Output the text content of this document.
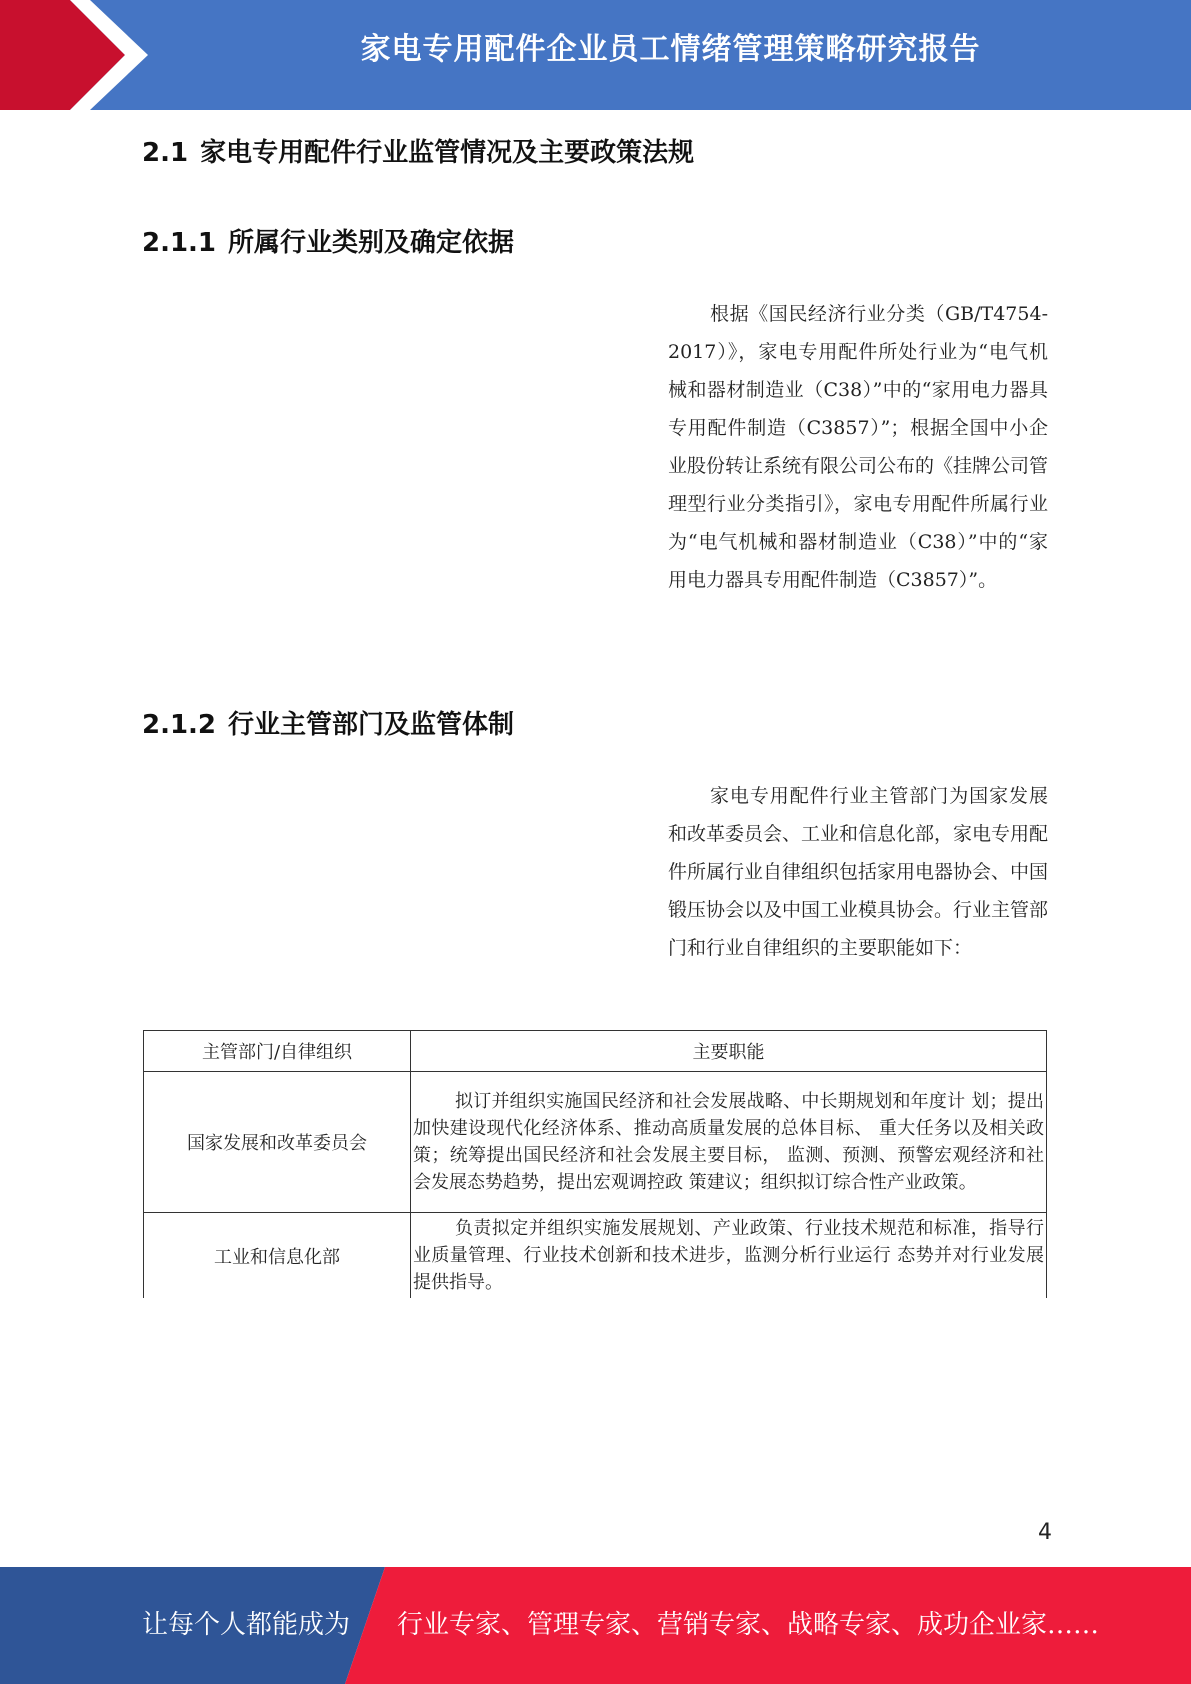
家电专用配件企业员工情绪管理策略研究报告
2.1 家电专用配件行业监管情况及主要政策法规
2.1.1 所属行业类别及确定依据
根据《国民经济行业分类（GB/T4754-2017）》，家电专用配件所处行业为“电气机械和器材制造业（C38）”中的“家用电力器具专用配件制造（C3857）”；根据全国中小企业股份转让系统有限公司公布的《挂牌公司管理型行业分类指引》，家电专用配件所属行业为“电气机械和器材制造业（C38）”中的“家用电力器具专用配件制造（C3857）”。
2.1.2 行业主管部门及监管体制
家电专用配件行业主管部门为国家发展和改革委员会、工业和信息化部，家电专用配件所属行业自律组织包括家用电器协会、中国锻压协会以及中国工业模具协会。行业主管部门和行业自律组织的主要职能如下：
主管部门/自律组织	主要职能
国家发展和改革委员会	拟订并组织实施国民经济和社会发展战略、中长期规划和年度计 划；提出加快建设现代化经济体系、推动高质量发展的总体目标、 重大任务以及相关政策；统筹提出国民经济和社会发展主要目标， 监测、预测、预警宏观经济和社会发展态势趋势，提出宏观调控政 策建议；组织拟订综合性产业政策。
工业和信息化部	负责拟定并组织实施发展规划、产业政策、行业技术规范和标准，指导行业质量管理、行业技术创新和技术进步，监测分析行业运行 态势并对行业发展提供指导。
4
让每个人都能成为 行业专家、管理专家、营销专家、战略专家、成功企业家……
